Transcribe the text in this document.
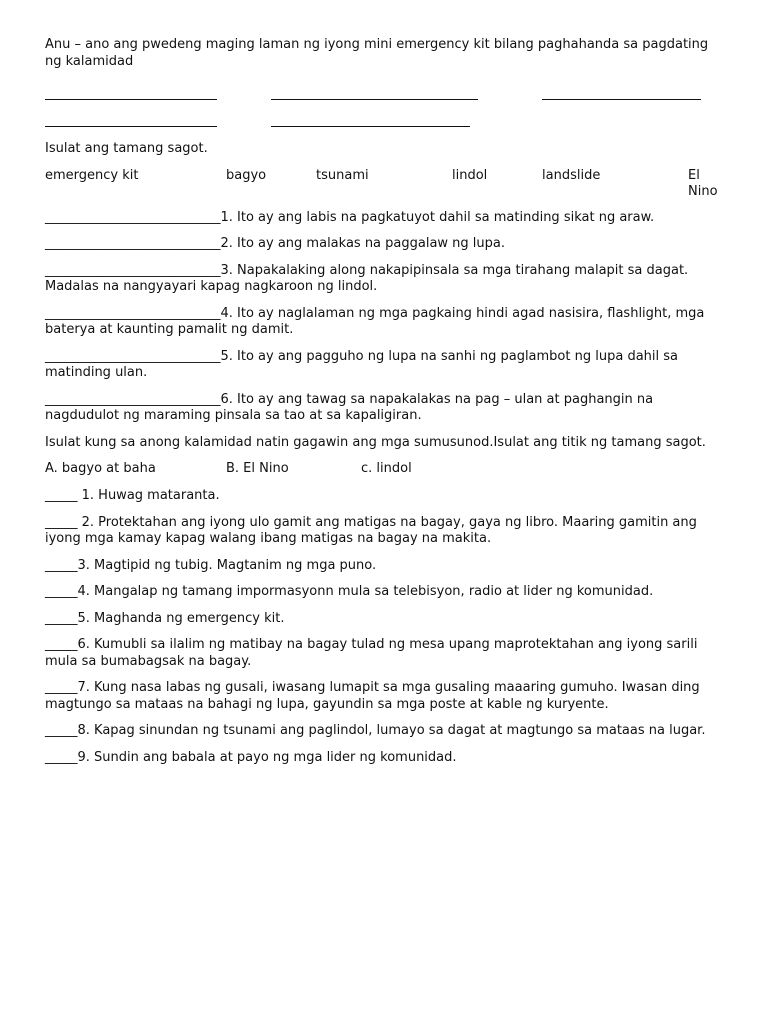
Anu – ano ang pwedeng maging laman ng iyong mini emergency kit bilang paghahanda sa pagdating ng kalamidad

Isulat ang tamang sagot.

emergency kit	bagyo	tsunami	lindol	landslide	El Nino

___________________________1. Ito ay ang labis na pagkatuyot dahil sa matinding sikat ng araw.

___________________________2. Ito ay ang malakas na paggalaw ng lupa.

___________________________3. Napakalaking along nakapipinsala sa mga tirahang malapit sa dagat. Madalas na nangyayari kapag nagkaroon ng lindol.

___________________________4. Ito ay naglalaman ng mga pagkaing hindi agad nasisira, flashlight, mga baterya at kaunting pamalit ng damit.

___________________________5. Ito ay ang pagguho ng lupa na sanhi ng paglambot ng lupa dahil sa matinding ulan.

___________________________6. Ito ay ang tawag sa napakalakas na pag – ulan at paghangin na nagdudulot ng maraming pinsala sa tao at sa kapaligiran.

Isulat kung sa anong kalamidad natin gagawin ang mga sumusunod.Isulat ang titik ng tamang sagot.

A. bagyo at baha	B. El Nino	c. lindol

_____ 1. Huwag mataranta.

_____ 2. Protektahan ang iyong ulo gamit ang matigas na bagay, gaya ng libro. Maaring gamitin ang iyong mga kamay kapag walang ibang matigas na bagay na makita.

_____3. Magtipid ng tubig. Magtanim ng mga puno.

_____4. Mangalap ng tamang impormasyonn mula sa telebisyon, radio at lider ng komunidad.

_____5. Maghanda ng emergency kit.

_____6. Kumubli sa ilalim ng matibay na bagay tulad ng mesa upang maprotektahan ang iyong sarili mula sa bumabagsak na bagay.

_____7. Kung nasa labas ng gusali, iwasang lumapit sa mga gusaling maaaring gumuho. Iwasan ding magtungo sa mataas na bahagi ng lupa, gayundin sa mga poste at kable ng kuryente.

_____8. Kapag sinundan ng tsunami ang paglindol, lumayo sa dagat at magtungo sa mataas na lugar.

_____9. Sundin ang babala at payo ng mga lider ng komunidad.
